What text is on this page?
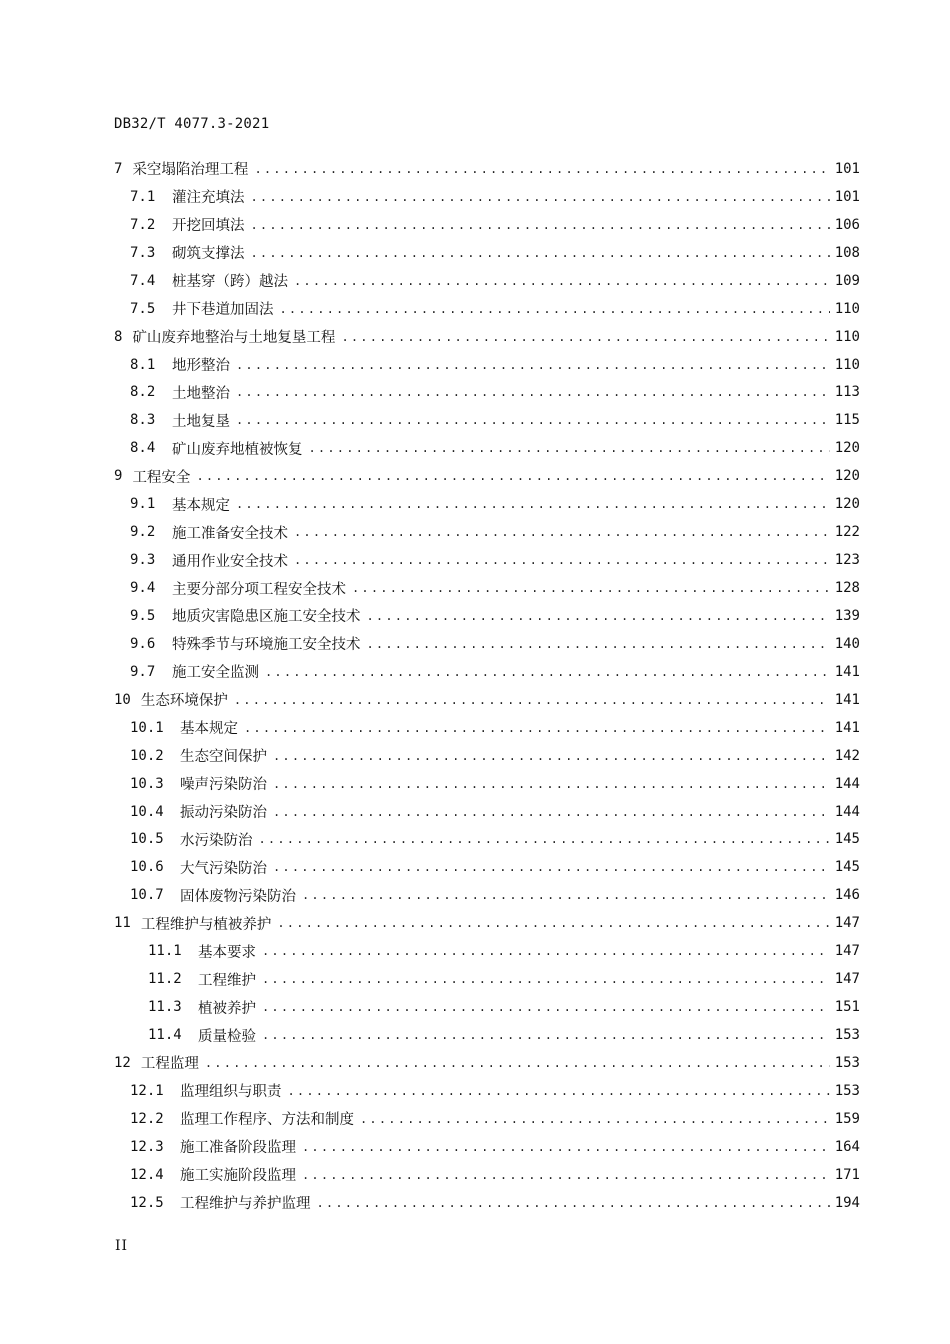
DB32/T 4077.3-2021
7 采空塌陷治理工程 .....	101
7.1	灌注充填法 .....	101
7.2	开挖回填法 .....	106
7.3	砌筑支撑法 .....	108
7.4	桩基穿（跨）越法 .....	109
7.5	井下巷道加固法 .....	110
8 矿山废弃地整治与土地复垦工程 .....	110
8.1	地形整治 .....	110
8.2	土地整治 .....	113
8.3	土地复垦 .....	115
8.4	矿山废弃地植被恢复 .....	120
9 工程安全 .....	120
9.1	基本规定 .....	120
9.2	施工准备安全技术 .....	122
9.3	通用作业安全技术 .....	123
9.4	主要分部分项工程安全技术 .....	128
9.5	地质灾害隐患区施工安全技术 .....	139
9.6	特殊季节与环境施工安全技术 .....	140
9.7	施工安全监测 .....	141
10 生态环境保护 .....	141
10.1	基本规定 .....	141
10.2	生态空间保护 .....	142
10.3	噪声污染防治 .....	144
10.4	振动污染防治 .....	144
10.5	水污染防治 .....	145
10.6	大气污染防治 .....	145
10.7	固体废物污染防治 .....	146
11 工程维护与植被养护 .....	147
11.1	基本要求 .....	147
11.2	工程维护 .....	147
11.3	植被养护 .....	151
11.4	质量检验 .....	153
12 工程监理 .....	153
12.1	监理组织与职责 .....	153
12.2	监理工作程序、方法和制度 .....	159
12.3	施工准备阶段监理 .....	164
12.4	施工实施阶段监理 .....	171
12.5	工程维护与养护监理 .....	194
II
